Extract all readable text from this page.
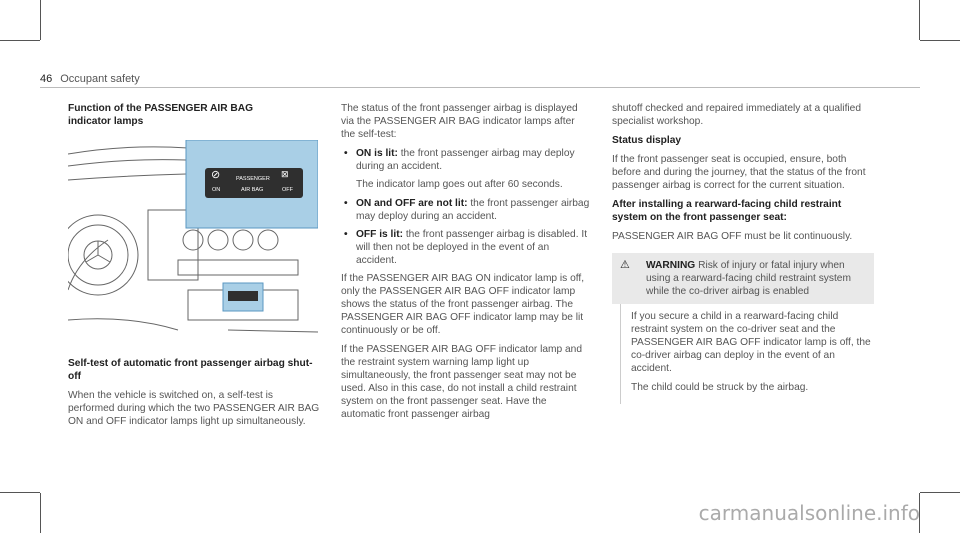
46 Occupant safety

Function of the PASSENGER AIR BAG indicator lamps

⊘
ON
PASSENGER
AIR BAG
⊠
OFF

Self-test of automatic front passenger airbag shut-off

When the vehicle is switched on, a self-test is performed during which the two PASSENGER AIR BAG ON and OFF indicator lamps light up simultaneously.

The status of the front passenger airbag is displayed via the PASSENGER AIR BAG indicator lamps after the self-test:

• ON is lit: the front passenger airbag may deploy during an accident.

The indicator lamp goes out after 60 seconds.

• ON and OFF are not lit: the front passenger airbag may deploy during an accident.
• OFF is lit: the front passenger airbag is disabled. It will then not be deployed in the event of an accident.

If the PASSENGER AIR BAG ON indicator lamp is off, only the PASSENGER AIR BAG OFF indicator lamp shows the status of the front passenger airbag. The PASSENGER AIR BAG OFF indicator lamp may be lit continuously or be off.

If the PASSENGER AIR BAG OFF indicator lamp and the restraint system warning lamp light up simultaneously, the front passenger seat may not be used. Also in this case, do not install a child restraint system on the front passenger seat. Have the automatic front passenger airbag

shutoff checked and repaired immediately at a qualified specialist workshop.

Status display

If the front passenger seat is occupied, ensure, both before and during the journey, that the status of the front passenger airbag is correct for the current situation.

After installing a rearward-facing child restraint system on the front passenger seat:

PASSENGER AIR BAG OFF must be lit continuously.

⚠	WARNING Risk of injury or fatal injury when using a rearward-facing child restraint system while the co-driver airbag is enabled

If you secure a child in a rearward-facing child restraint system on the co-driver seat and the PASSENGER AIR BAG OFF indicator lamp is off, the co-driver airbag can deploy in the event of an accident.

The child could be struck by the airbag.

carmanualsonline.info
